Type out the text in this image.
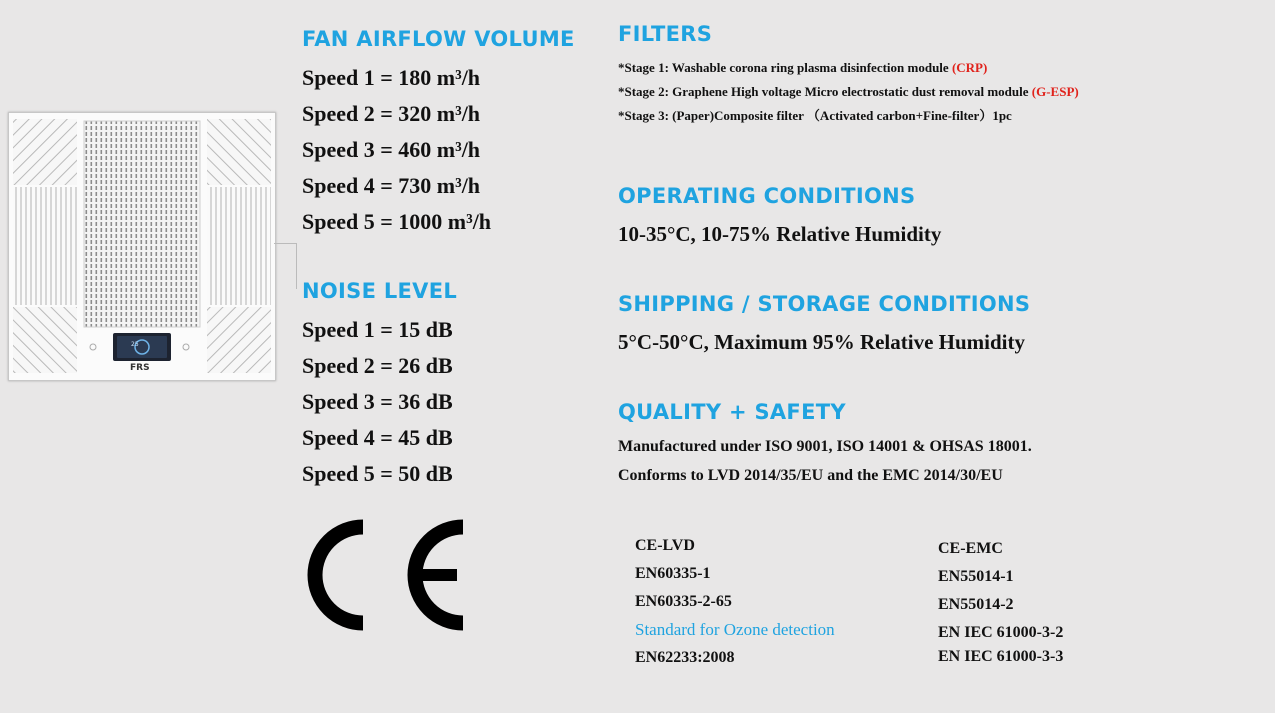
25
FRS
FAN AIRFLOW VOLUME
Speed 1 = 180 m³/h
Speed 2 = 320 m³/h
Speed 3 = 460 m³/h
Speed 4 = 730 m³/h
Speed 5 = 1000 m³/h
NOISE LEVEL
Speed 1 = 15 dB
Speed 2 = 26 dB
Speed 3 = 36 dB
Speed 4 = 45 dB
Speed 5 = 50 dB
FILTERS

*Stage 1: Washable corona ring plasma disinfection module (CRP)

*Stage 2: Graphene High voltage Micro electrostatic dust removal module (G-ESP)

*Stage 3: (Paper)Composite filter （Activated carbon+Fine-filter）1pc

OPERATING CONDITIONS
10-35°C, 10-75% Relative Humidity
SHIPPING / STORAGE CONDITIONS
5°C-50°C, Maximum 95% Relative Humidity
QUALITY + SAFETY

Manufactured under ISO 9001, ISO 14001 & OHSAS 18001.

Conforms to LVD 2014/35/EU and the EMC 2014/30/EU

CE-LVD

EN60335-1

EN60335-2-65

Standard for Ozone detection

EN62233:2008

CE-EMC

EN55014-1

EN55014-2

EN IEC 61000-3-2

EN IEC 61000-3-3
